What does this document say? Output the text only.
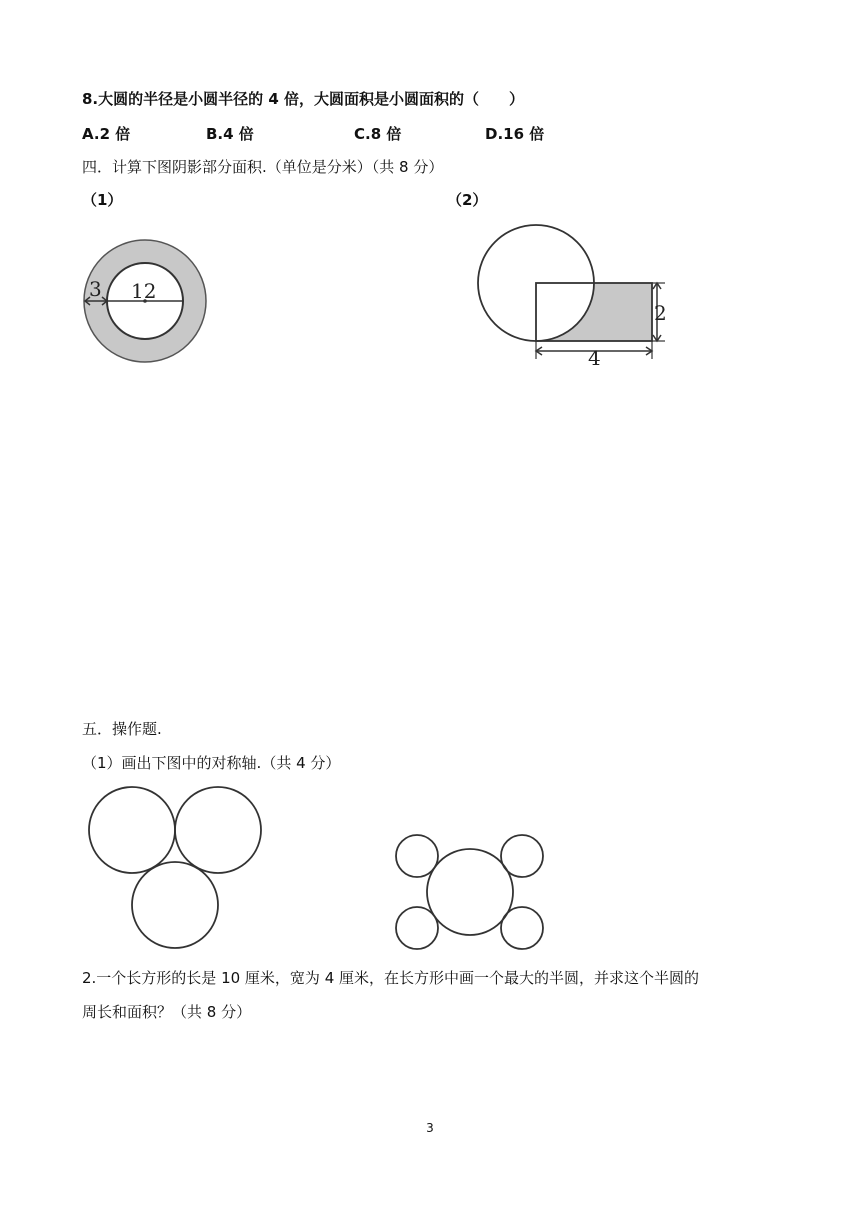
8.大圆的半径是小圆半径的 4 倍，大圆面积是小圆面积的（　　）
A.2 倍	B.4 倍	C.8 倍	D.16 倍
四．计算下图阴影部分面积.（单位是分米）（共 8 分）
（1）	（2）
3 12
2
4
五．操作题.
（1）画出下图中的对称轴.（共 4 分）
2.一个长方形的长是 10 厘米，宽为 4 厘米，在长方形中画一个最大的半圆，并求这个半圆的
周长和面积？（共 8 分）
3
